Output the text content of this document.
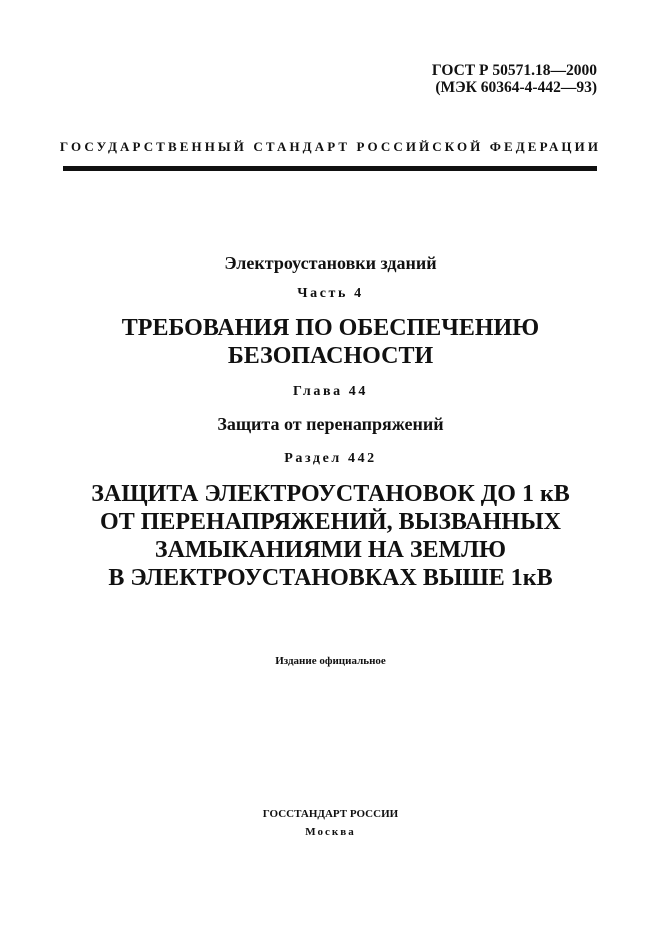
ГОСТ Р 50571.18—2000
(МЭК 60364-4-442—93)
ГОСУДАРСТВЕННЫЙ СТАНДАРТ РОССИЙСКОЙ ФЕДЕРАЦИИ
Электроустановки зданий
Часть 4
ТРЕБОВАНИЯ ПО ОБЕСПЕЧЕНИЮ
БЕЗОПАСНОСТИ
Глава 44
Защита от перенапряжений
Раздел 442
ЗАЩИТА ЭЛЕКТРОУСТАНОВОК ДО 1 кВ
ОТ ПЕРЕНАПРЯЖЕНИЙ, ВЫЗВАННЫХ
ЗАМЫКАНИЯМИ НА ЗЕМЛЮ
В ЭЛЕКТРОУСТАНОВКАХ ВЫШЕ 1кВ
Издание официальное
ГОССТАНДАРТ РОССИИ
Москва
